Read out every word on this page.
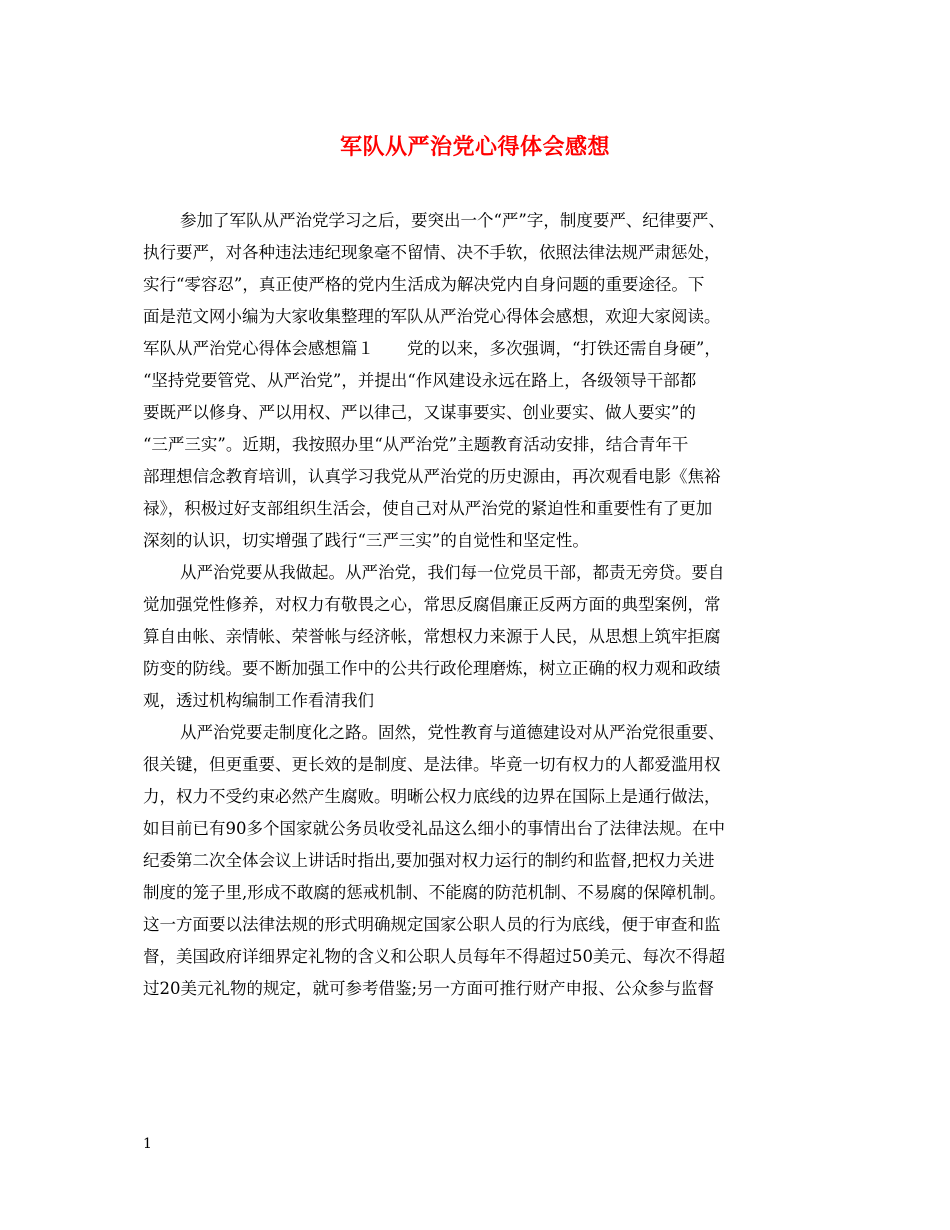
军队从严治党心得体会感想
参加了军队从严治党学习之后，要突出一个“严”字，制度要严、纪律要严、
执行要严，对各种违法违纪现象毫不留情、决不手软，依照法律法规严肃惩处，
实行“零容忍”，真正使严格的党内生活成为解决党内自身问题的重要途径。下
面是范文网小编为大家收集整理的军队从严治党心得体会感想，欢迎大家阅读。
军队从严治党心得体会感想篇１　　党的以来，多次强调，“打铁还需自身硬”，
“坚持党要管党、从严治党”，并提出“作风建设永远在路上，各级领导干部都
要既严以修身、严以用权、严以律己，又谋事要实、创业要实、做人要实”的
“三严三实”。近期，我按照办里“从严治党”主题教育活动安排，结合青年干
部理想信念教育培训，认真学习我党从严治党的历史源由，再次观看电影《焦裕
禄》，积极过好支部组织生活会，使自己对从严治党的紧迫性和重要性有了更加
深刻的认识，切实增强了践行“三严三实”的自觉性和坚定性。
从严治党要从我做起。从严治党，我们每一位党员干部，都责无旁贷。要自
觉加强党性修养，对权力有敬畏之心，常思反腐倡廉正反两方面的典型案例，常
算自由帐、亲情帐、荣誉帐与经济帐，常想权力来源于人民，从思想上筑牢拒腐
防变的防线。要不断加强工作中的公共行政伦理磨炼，树立正确的权力观和政绩
观，透过机构编制工作看清我们
从严治党要走制度化之路。固然，党性教育与道德建设对从严治党很重要、
很关键，但更重要、更长效的是制度、是法律。毕竟一切有权力的人都爱滥用权
力，权力不受约束必然产生腐败。明晰公权力底线的边界在国际上是通行做法，
如目前已有90多个国家就公务员收受礼品这么细小的事情出台了法律法规。在中
纪委第二次全体会议上讲话时指出,要加强对权力运行的制约和监督,把权力关进
制度的笼子里,形成不敢腐的惩戒机制、不能腐的防范机制、不易腐的保障机制。
这一方面要以法律法规的形式明确规定国家公职人员的行为底线，便于审查和监
督，美国政府详细界定礼物的含义和公职人员每年不得超过50美元、每次不得超
过20美元礼物的规定，就可参考借鉴;另一方面可推行财产申报、公众参与监督
1
